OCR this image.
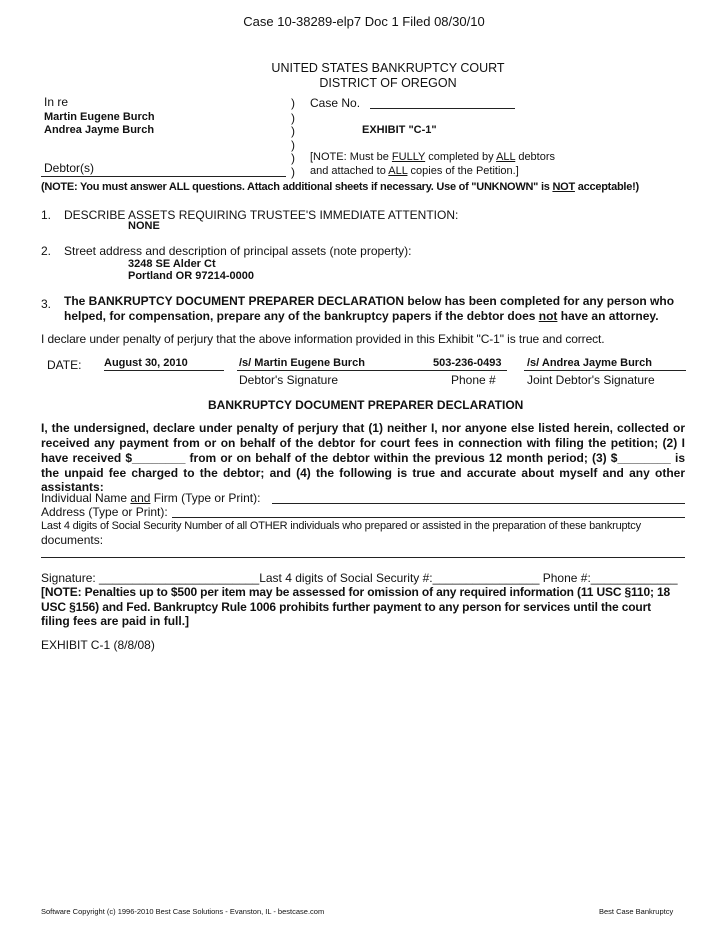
Case 10-38289-elp7 Doc 1 Filed 08/30/10
UNITED STATES BANKRUPTCY COURT
DISTRICT OF OREGON
In re
Martin Eugene Burch
Andrea Jayme Burch
Debtor(s)
)
)
)
)
)
)
Case No.
EXHIBIT "C-1"
[NOTE: Must be FULLY completed by ALL debtors
and attached to ALL copies of the Petition.]
(NOTE: You must answer ALL questions. Attach additional sheets if necessary. Use of "UNKNOWN" is NOT acceptable!)
1. DESCRIBE ASSETS REQUIRING TRUSTEE'S IMMEDIATE ATTENTION:
NONE
2. Street address and description of principal assets (note property):
3248 SE Alder Ct
Portland OR 97214-0000
3. The BANKRUPTCY DOCUMENT PREPARER DECLARATION below has been completed for any person who
helped, for compensation, prepare any of the bankruptcy papers if the debtor does not have an attorney.
I declare under penalty of perjury that the above information provided in this Exhibit "C-1" is true and correct.
DATE: August 30, 2010	/s/ Martin Eugene Burch
Debtor's Signature
503-236-0493
Phone #
/s/ Andrea Jayme Burch
Joint Debtor's Signature
BANKRUPTCY DOCUMENT PREPARER DECLARATION
I, the undersigned, declare under penalty of perjury that (1) neither I, nor anyone else listed herein, collected or
received any payment from or on behalf of the debtor for court fees in connection with filing the petition; (2) I
have received $________ from or on behalf of the debtor within the previous 12 month period; (3) $________ is
the unpaid fee charged to the debtor; and (4) the following is true and accurate about myself and any other
assistants:
Individual Name and Firm (Type or Print):
Address (Type or Print):
Last 4 digits of Social Security Number of all OTHER individuals who prepared or assisted in the preparation of these bankruptcy
documents:
Signature: ________________________Last 4 digits of Social Security #:________________ Phone #:_____________
[NOTE: Penalties up to $500 per item may be assessed for omission of any required information (11 USC §110; 18
USC §156) and Fed. Bankruptcy Rule 1006 prohibits further payment to any person for services until the court
filing fees are paid in full.]
EXHIBIT C-1 (8/8/08)
Software Copyright (c) 1996-2010 Best Case Solutions - Evanston, IL - bestcase.com	Best Case Bankruptcy
